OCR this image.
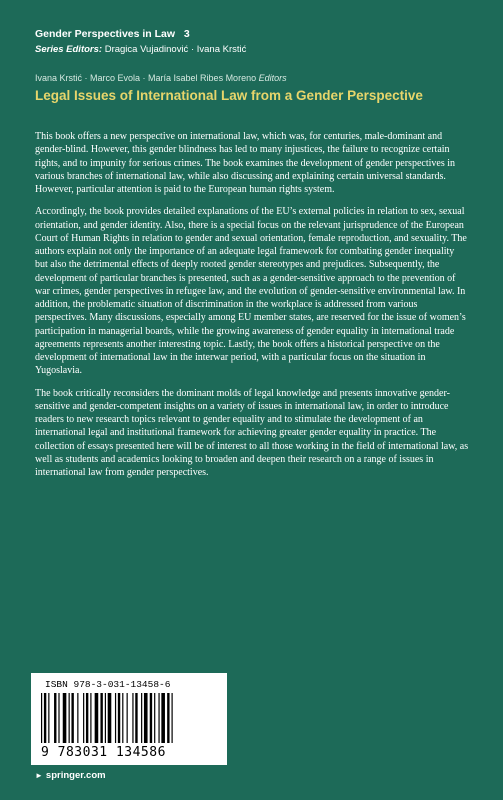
Gender Perspectives in Law 3
Series Editors: Dragica Vujadinović · Ivana Krstić
Ivana Krstić · Marco Evola · María Isabel Ribes Moreno Editors
Legal Issues of International Law from a Gender Perspective

This book offers a new perspective on international law, which was, for centuries, male-dominant and gender-blind. However, this gender blindness has led to many injustices, the failure to recognize certain rights, and to impunity for serious crimes. The book examines the development of gender perspectives in various branches of international law, while also discussing and explaining certain universal standards. However, particular attention is paid to the European human rights system.

Accordingly, the book provides detailed explanations of the EU’s external policies in relation to sex, sexual orientation, and gender identity. Also, there is a special focus on the relevant jurisprudence of the European Court of Human Rights in relation to gender and sexual orientation, female reproduction, and sexuality. The authors explain not only the importance of an adequate legal framework for combating gender inequality but also the detrimental effects of deeply rooted gender stereotypes and prejudices. Subsequently, the development of particular branches is presented, such as a gender-sensitive approach to the prevention of war crimes, gender perspectives in refugee law, and the evolution of gender-sensitive environmental law. In addition, the problematic situation of discrimination in the workplace is addressed from various perspectives. Many discussions, especially among EU member states, are reserved for the issue of women’s participation in managerial boards, while the growing awareness of gender equality in international trade agreements represents another interesting topic. Lastly, the book offers a historical perspective on the development of international law in the interwar period, with a particular focus on the situation in Yugoslavia.

The book critically reconsiders the dominant molds of legal knowledge and presents innovative gender-sensitive and gender-competent insights on a variety of issues in international law, in order to introduce readers to new research topics relevant to gender equality and to stimulate the development of an international legal and institutional framework for achieving greater gender equality in practice. The collection of essays presented here will be of interest to all those working in the field of international law, as well as students and academics looking to broaden and deepen their research on a range of issues in international law from gender perspectives.

ISBN 978-3-031-13458-6
9 783031 134586
► springer.com
